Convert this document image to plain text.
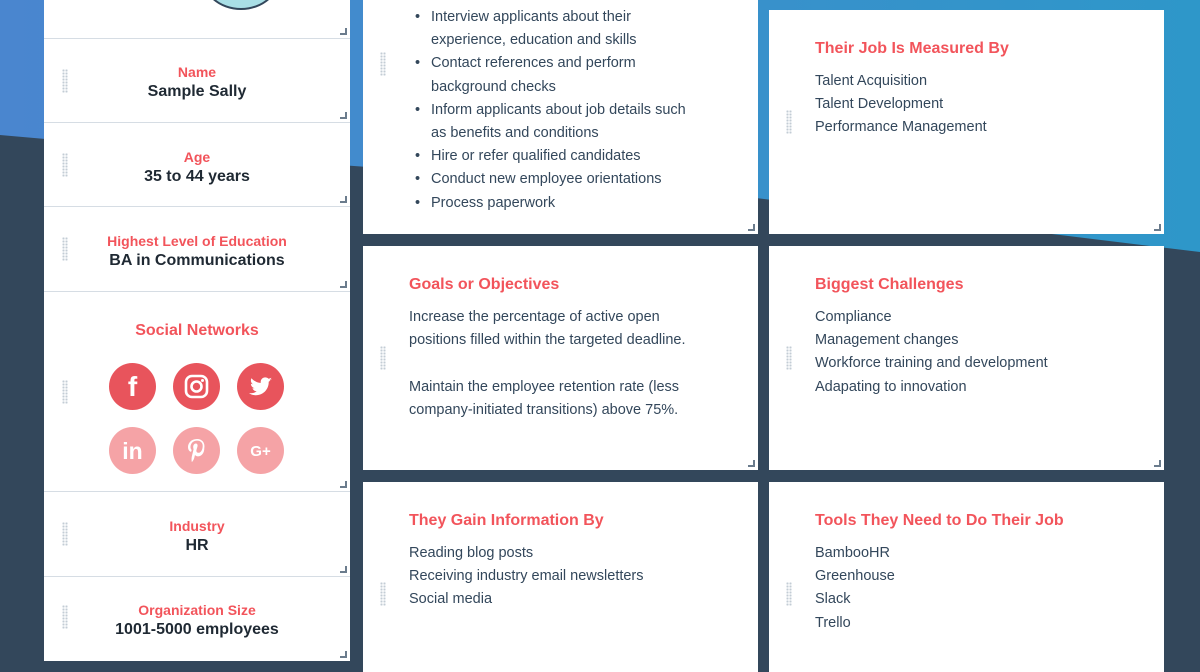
Name
Sample Sally
Age
35 to 44 years
Highest Level of Education
BA in Communications
Social Networks
f
in	G+
Industry
HR
Organization Size
1001-5000 employees
• Interview applicants about their
experience, education and skills
• Contact references and perform
background checks
• Inform applicants about job details such
as benefits and conditions
• Hire or refer qualified candidates
• Conduct new employee orientations
• Process paperwork
Their Job Is Measured By
Talent Acquisition
Talent Development
Performance Management
Goals or Objectives
Increase the percentage of active open
positions filled within the targeted deadline.
Maintain the employee retention rate (less
company-initiated transitions) above 75%.
Biggest Challenges
Compliance
Management changes
Workforce training and development
Adapating to innovation
They Gain Information By
Reading blog posts
Receiving industry email newsletters
Social media
Tools They Need to Do Their Job
BambooHR
Greenhouse
Slack
Trello
